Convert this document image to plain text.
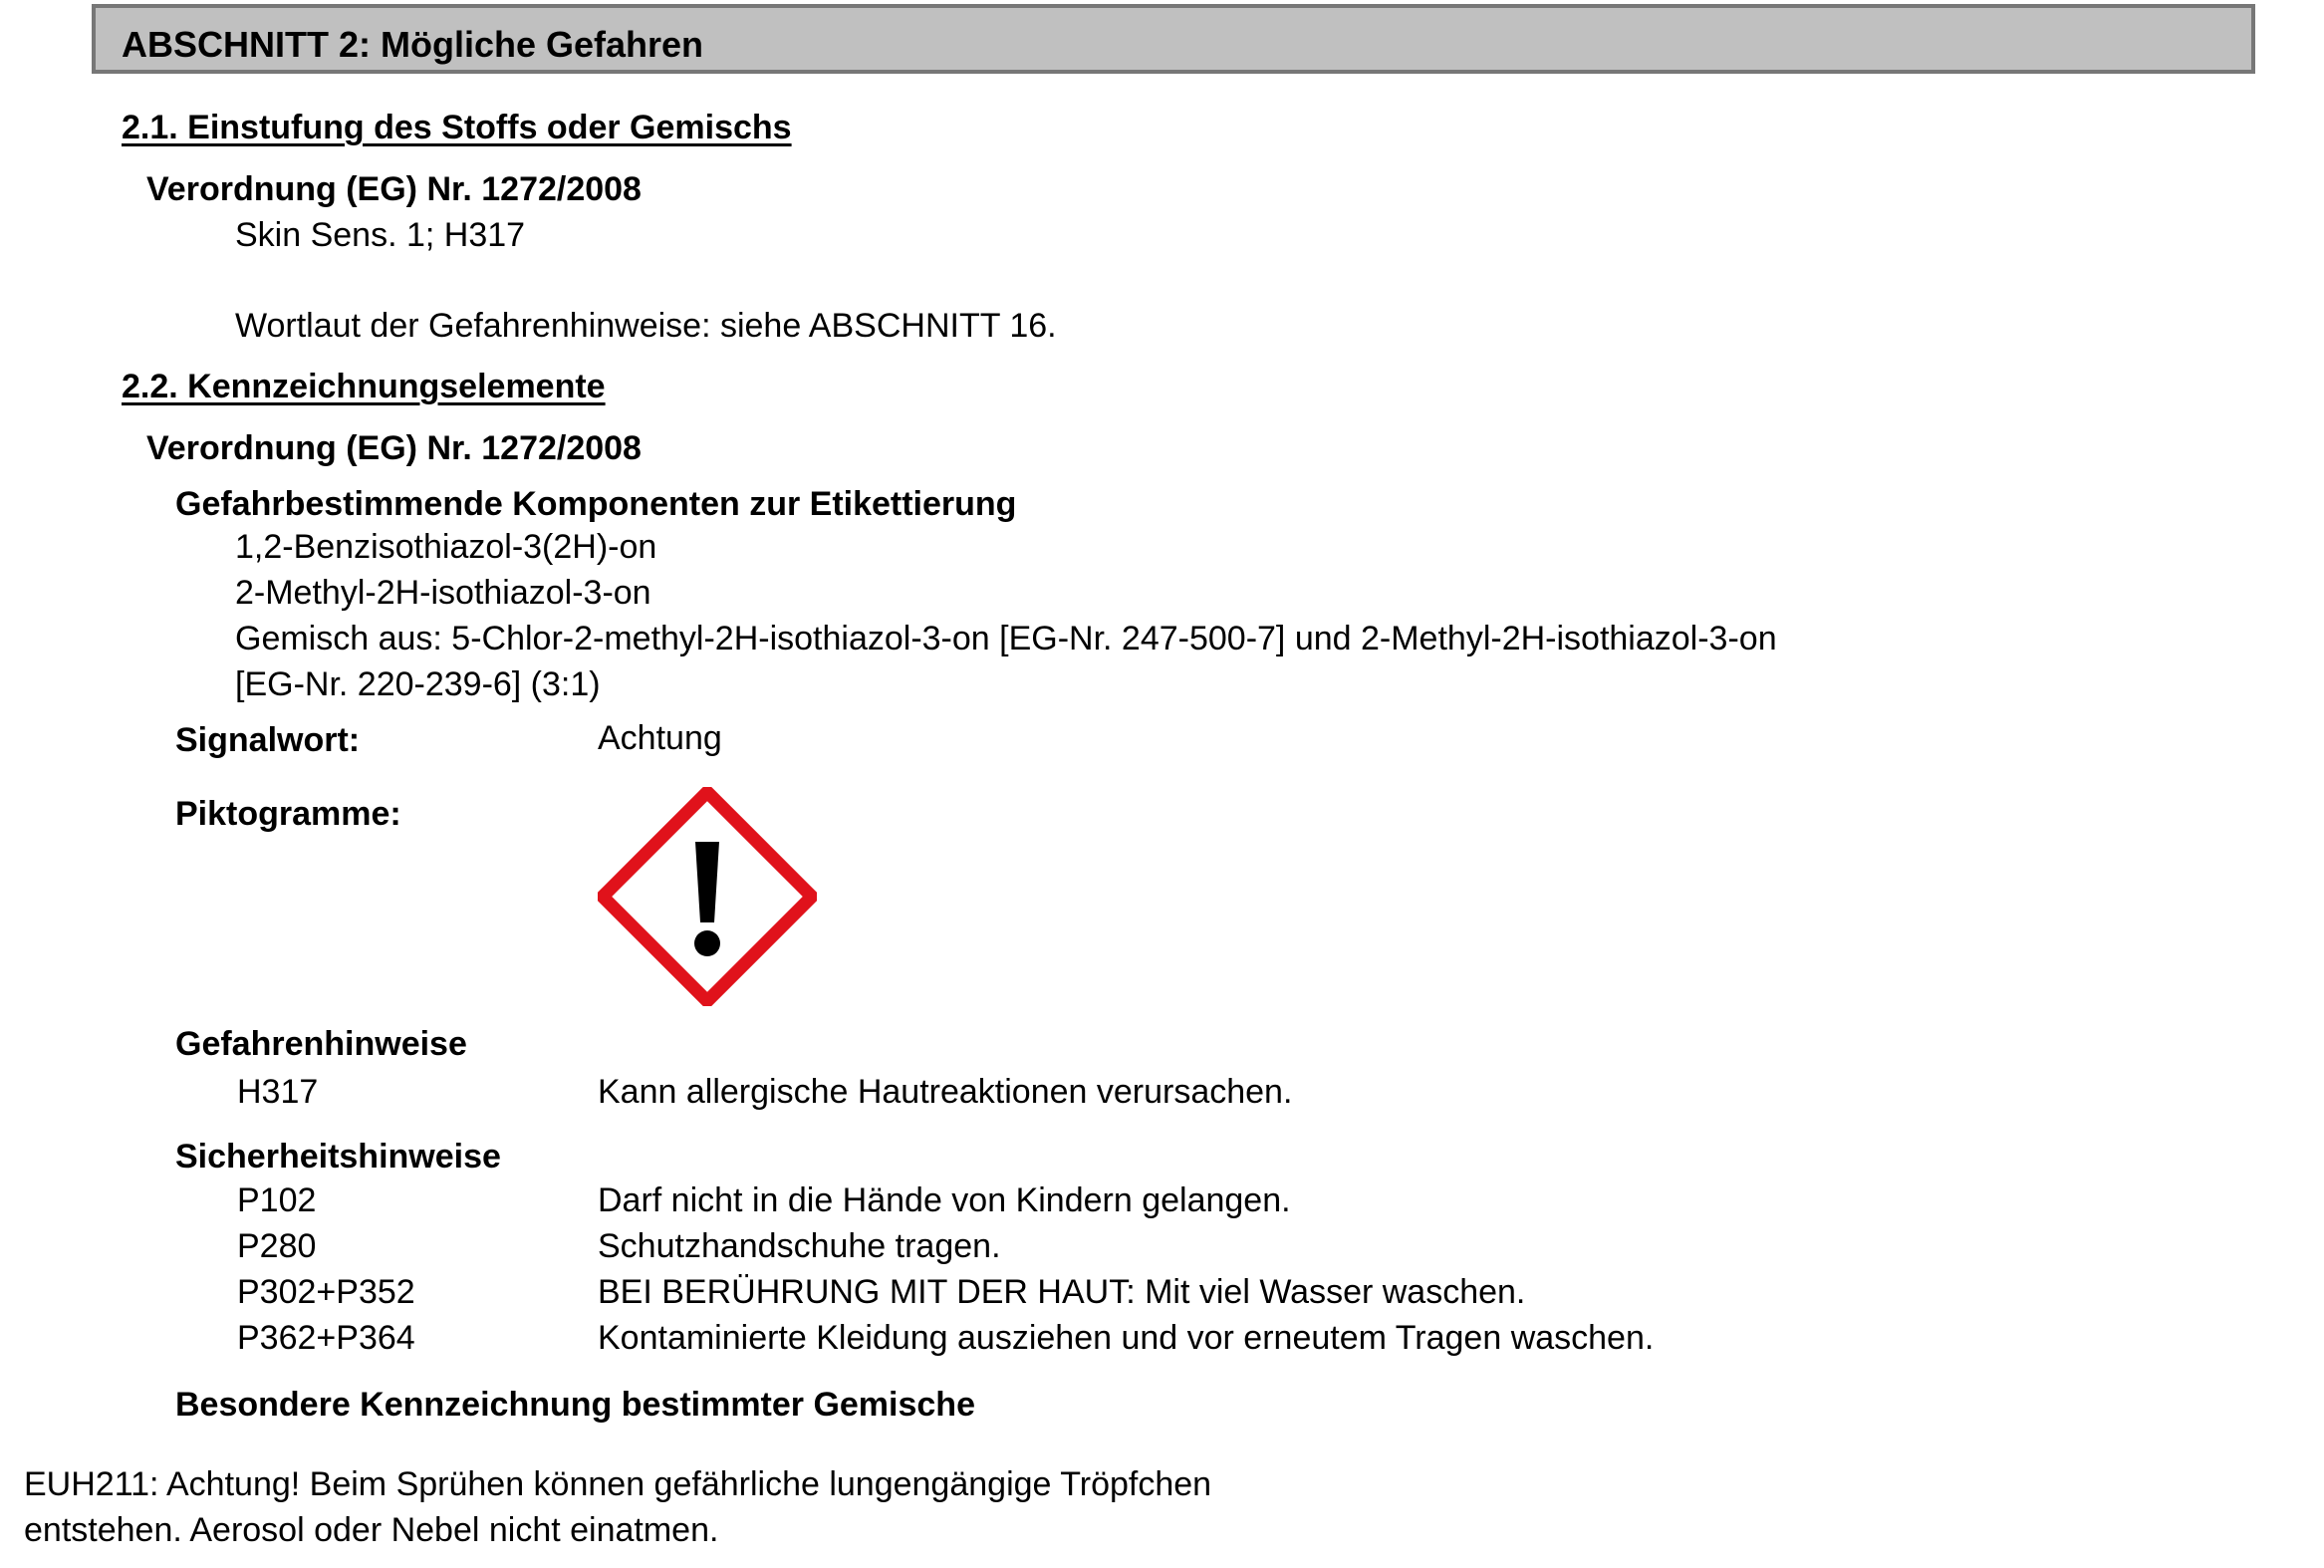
ABSCHNITT 2: Mögliche Gefahren
2.1. Einstufung des Stoffs oder Gemischs
Verordnung (EG) Nr. 1272/2008
Skin Sens. 1; H317
Wortlaut der Gefahrenhinweise: siehe ABSCHNITT 16.
2.2. Kennzeichnungselemente
Verordnung (EG) Nr. 1272/2008
Gefahrbestimmende Komponenten zur Etikettierung
1,2-Benzisothiazol-3(2H)-on
2-Methyl-2H-isothiazol-3-on
Gemisch aus: 5-Chlor-2-methyl-2H-isothiazol-3-on [EG-Nr. 247-500-7] und 2-Methyl-2H-isothiazol-3-on
[EG-Nr. 220-239-6] (3:1)
Signalwort:	Achtung
Piktogramme:
Gefahrenhinweise
H317	Kann allergische Hautreaktionen verursachen.
Sicherheitshinweise
P102	Darf nicht in die Hände von Kindern gelangen.
P280	Schutzhandschuhe tragen.
P302+P352	BEI BERÜHRUNG MIT DER HAUT: Mit viel Wasser waschen.
P362+P364	Kontaminierte Kleidung ausziehen und vor erneutem Tragen waschen.
Besondere Kennzeichnung bestimmter Gemische
EUH211: Achtung! Beim Sprühen können gefährliche lungengängige Tröpfchen
entstehen. Aerosol oder Nebel nicht einatmen.
